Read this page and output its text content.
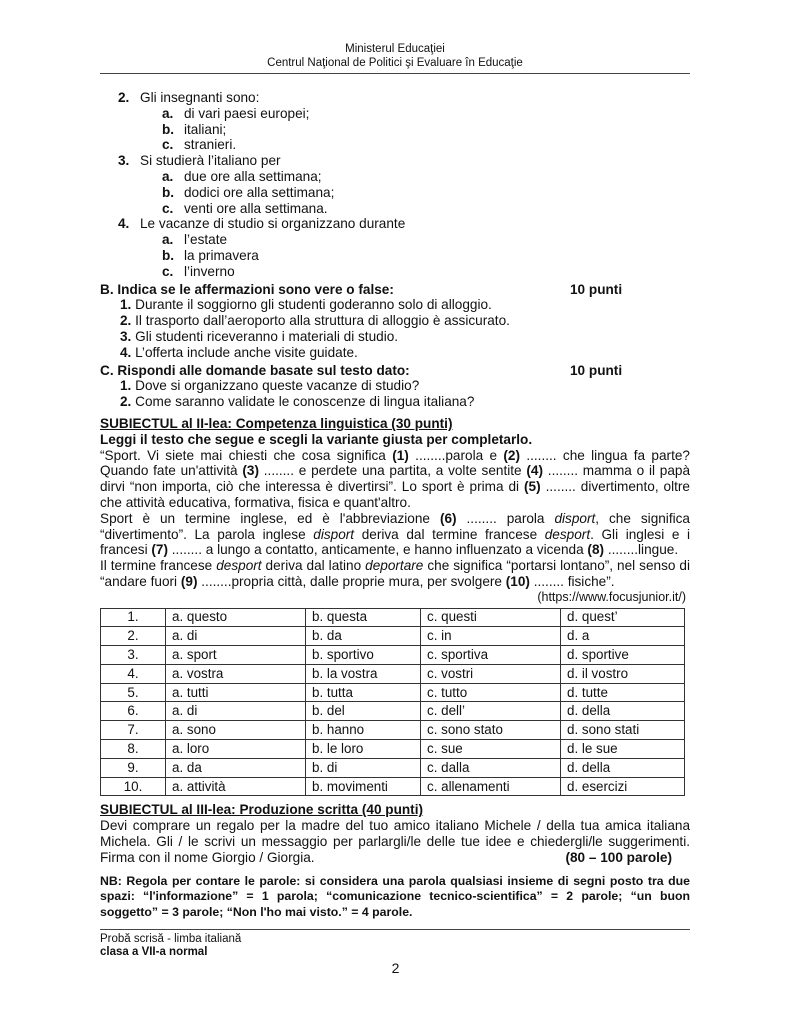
Ministerul Educaţiei
Centrul Naţional de Politici şi Evaluare în Educaţie
2. Gli insegnanti sono:
a. di vari paesi europei;
b. italiani;
c. stranieri.
3. Si studierà l’italiano per
a. due ore alla settimana;
b. dodici ore alla settimana;
c. venti ore alla settimana.
4. Le vacanze di studio si organizzano durante
a. l’estate
b. la primavera
c. l’inverno
B. Indica se le affermazioni sono vere o false:	10 punti
1. Durante il soggiorno gli studenti goderanno solo di alloggio.
2. Il trasporto dall’aeroporto alla struttura di alloggio è assicurato.
3. Gli studenti riceveranno i materiali di studio.
4. L’offerta include anche visite guidate.
C. Rispondi alle domande basate sul testo dato:	10 punti
1. Dove si organizzano queste vacanze di studio?
2. Come saranno validate le conoscenze di lingua italiana?
SUBIECTUL al II-lea: Competenza linguistica (30 punti)
Leggi il testo che segue e scegli la variante giusta per completarlo.
“Sport. Vi siete mai chiesti che cosa significa (1) ........parola e (2) ........ che lingua fa parte? Quando fate un'attività (3) ........ e perdete una partita, a volte sentite (4) ........ mamma o il papà dirvi “non importa, ciò che interessa è divertirsi”. Lo sport è prima di (5) ........ divertimento, oltre che attività educativa, formativa, fisica e quant'altro.
Sport è un termine inglese, ed è l'abbreviazione (6) ........ parola disport, che significa “divertimento”. La parola inglese disport deriva dal termine francese desport. Gli inglesi e i francesi (7) ........ a lungo a contatto, anticamente, e hanno influenzato a vicenda (8) ........lingue.
Il termine francese desport deriva dal latino deportare che significa “portarsi lontano”, nel senso di “andare fuori (9) ........propria città, dalle proprie mura, per svolgere (10) ........ fisiche”.
(https://www.focusjunior.it/)
1.	a. questo	b. questa	c. questi	d. quest’
2.	a. di	b. da	c. in	d. a
3.	a. sport	b. sportivo	c. sportiva	d. sportive
4.	a. vostra	b. la vostra	c. vostri	d. il vostro
5.	a. tutti	b. tutta	c. tutto	d. tutte
6.	a. di	b. del	c. dell’	d. della
7.	a. sono	b. hanno	c. sono stato	d. sono stati
8.	a. loro	b. le loro	c. sue	d. le sue
9.	a. da	b. di	c. dalla	d. della
10.	a. attività	b. movimenti	c. allenamenti	d. esercizi
SUBIECTUL al III-lea: Produzione scritta (40 punti)
Devi comprare un regalo per la madre del tuo amico italiano Michele / della tua amica italiana Michela. Gli / le scrivi un messaggio per parlargli/le delle tue idee e chiedergli/le suggerimenti. Firma con il nome Giorgio / Giorgia.	(80 – 100 parole)
NB: Regola per contare le parole: si considera una parola qualsiasi insieme di segni posto tra due spazi: “l'informazione” = 1 parola; “comunicazione tecnico-scientifica” = 2 parole; “un buon soggetto” = 3 parole; “Non l'ho mai visto.” = 4 parole.
Probă scrisă - limba italiană
clasa a VII-a normal
2
